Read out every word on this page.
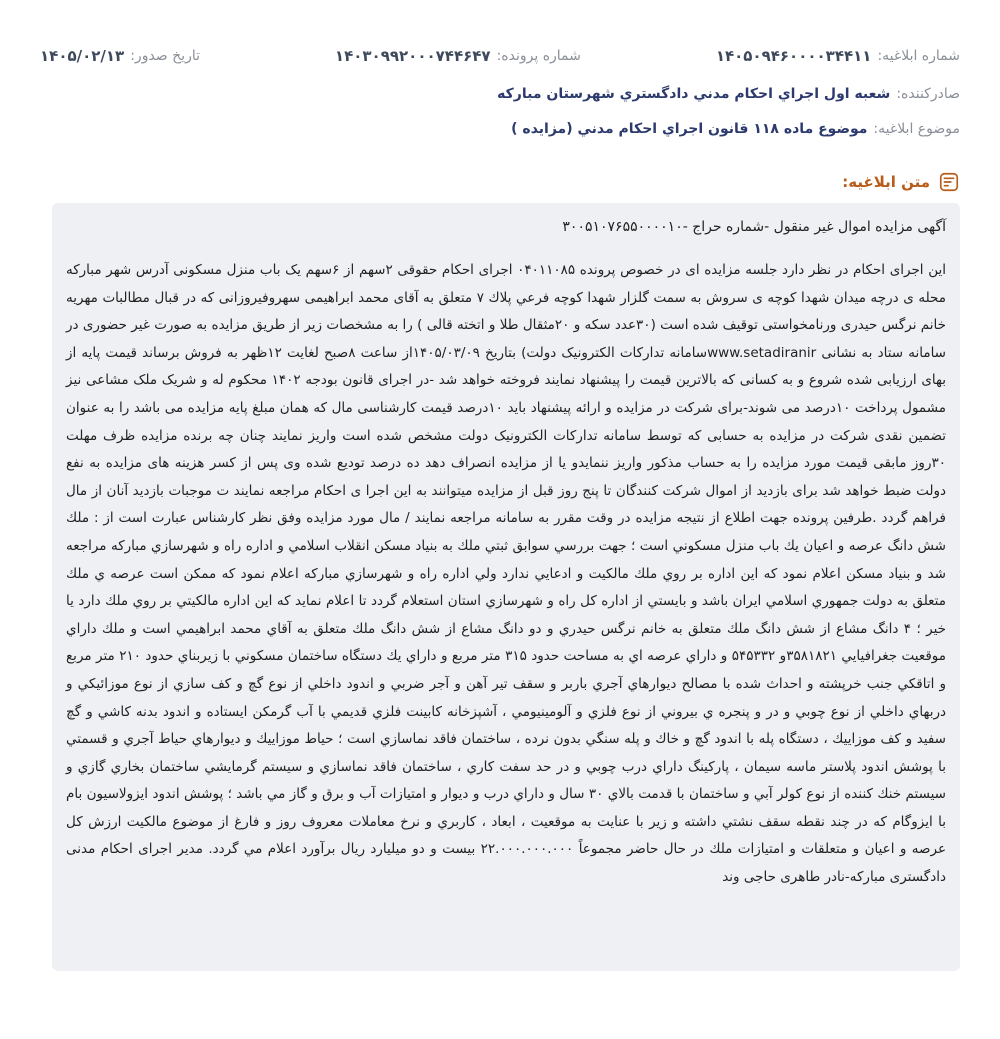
شماره ابلاغیه:
۱۴۰۵۰۹۴۶۰۰۰۰۳۴۴۱۱
شماره پرونده:
۱۴۰۳۰۹۹۲۰۰۰۷۴۴۶۴۷
تاریخ صدور:
۱۴۰۵/۰۲/۱۳
صادرکننده:
شعبه اول اجراي احكام مدني دادگستري شهرستان مباركه
موضوع ابلاغیه:
موضوع ماده ۱۱۸ قانون اجراي احكام مدني (مزايده )
متن ابلاغیه:

آگهی مزایده اموال غیر منقول -شماره حراج -۳۰۰۵۱۰۷۶۵۵۰۰۰۰۱۰

این اجرای احکام در نظر دارد جلسه مزایده ای در خصوص پرونده ۰۴۰۱۱۰۸۵ اجرای احکام حقوقی ۲سهم از ۶سهم یک باب منزل مسکونی آدرس شهر مبارکه محله ی درچه میدان شهدا کوچه ی سروش به سمت گلزار شهدا کوچه فرعي پلاك ۷ متعلق به آقای محمد ابراهیمی سهروفیروزانی که در قبال مطالبات مهریه خانم نرگس حیدری ورنامخواستی توقیف شده است (۳۰عدد سکه و ۲۰مثقال طلا و اتخته قالی ) را به مشخصات زیر از طریق مزایده به صورت غیر حضوری در سامانه ستاد به نشانی www.setadiranirسامانه تدارکات الکترونیک دولت) بتاریخ ۱۴۰۵/۰۳/۰۹از ساعت ۸صبح لغایت ۱۲ظهر به فروش برساند قیمت پایه از بهای ارزیابی شده شروع و به کسانی که بالاترین قیمت را پیشنهاد نمایند فروخته خواهد شد -در اجرای قانون بودجه ۱۴۰۲ محکوم له و شریک ملک مشاعی نیز مشمول پرداخت ۱۰درصد می شوند-برای شرکت در مزایده و ارائه پیشنهاد باید ۱۰درصد قیمت کارشناسی مال که همان مبلغ پایه مزایده می باشد را به عنوان تضمین نقدی شرکت در مزایده به حسابی که توسط سامانه تدارکات الکترونیک دولت مشخص شده است واریز نمایند چنان چه برنده مزایده ظرف مهلت ۳۰روز مابقی قیمت مورد مزایده را به حساب مذکور واریز ننمایدو یا از مزایده انصراف دهد ده درصد تودیع شده وی پس از کسر هزینه های مزایده به نفع دولت ضبط خواهد شد برای بازدید از اموال شرکت کنندگان تا پنج روز قبل از مزایده میتوانند به این اجرا ی احکام مراجعه نمایند ت موجبات بازدید آنان از مال فراهم گردد .طرفین پرونده جهت اطلاع از نتیجه مزایده در وقت مقرر به سامانه مراجعه نمایند / مال مورد مزايده وفق نظر كارشناس عبارت است از : ملك شش دانگ عرصه و اعيان يك باب منزل مسكوني است ؛ جهت بررسي سوابق ثبتي ملك به بنياد مسكن انقلاب اسلامي و اداره راه و شهرسازي مباركه مراجعه شد و بنياد مسكن اعلام نمود كه اين اداره بر روي ملك مالكيت و ادعايي ندارد ولي اداره راه و شهرسازي مباركه اعلام نمود كه ممكن است عرصه ي ملك متعلق به دولت جمهوري اسلامي ايران باشد و بايستي از اداره كل راه و شهرسازي استان استعلام گردد تا اعلام نمايد كه اين اداره مالكيتي بر روي ملك دارد يا خير ؛ ۴ دانگ مشاع از شش دانگ ملك متعلق به خانم نرگس حيدري و دو دانگ مشاع از شش دانگ ملك متعلق به آقاي محمد ابراهيمي است و ملك داراي موقعيت جغرافيايي ۳۵۸۱۸۲۱و ۵۴۵۳۳۲ و داراي عرصه اي به مساحت حدود ۳۱۵ متر مربع و داراي يك دستگاه ساختمان مسكوني با زيربناي حدود ۲۱۰ متر مربع و اتاقكي جنب خرپشته و احداث شده با مصالح ديوارهاي آجري باربر و سقف تير آهن و آجر ضربي و اندود داخلي از نوع گچ و كف سازي از نوع موزائيكي و دربهاي داخلي از نوع چوبي و در و پنجره ي بيروني از نوع فلزي و آلومينيومي ، آشپزخانه كابينت فلزي قديمي با آب گرمكن ايستاده و اندود بدنه كاشي و گچ سفيد و كف موزاييك ، دستگاه پله با اندود گچ و خاك و پله سنگي بدون نرده ، ساختمان فاقد نماسازي است ؛ حياط موزاييك و ديوارهاي حياط آجري و قسمتي با پوشش اندود پلاستر ماسه سيمان ، پاركينگ داراي درب چوبي و در حد سفت كاري ، ساختمان فاقد نماسازي و سيستم گرمايشي ساختمان بخاري گازي و سيستم خنك كننده از نوع كولر آبي و ساختمان با قدمت بالاي ۳۰ سال و داراي درب و ديوار و امتيازات آب و برق و گاز مي باشد ؛ پوشش اندود ايزولاسيون بام با ايزوگام كه در چند نقطه سقف نشتي داشته و زير با عنايت به موقعيت ، ابعاد ، كاربري و نرخ معاملات معروف روز و فارغ از موضوع مالكيت ارزش كل عرصه و اعيان و متعلقات و امتيازات ملك در حال حاضر مجموعاً ۲۲.۰۰۰.۰۰۰.۰۰۰ بيست و دو ميليارد ريال برآورد اعلام مي گردد. مدیر اجرای احکام مدنی دادگستری مبارکه-نادر طاهری حاجی وند
